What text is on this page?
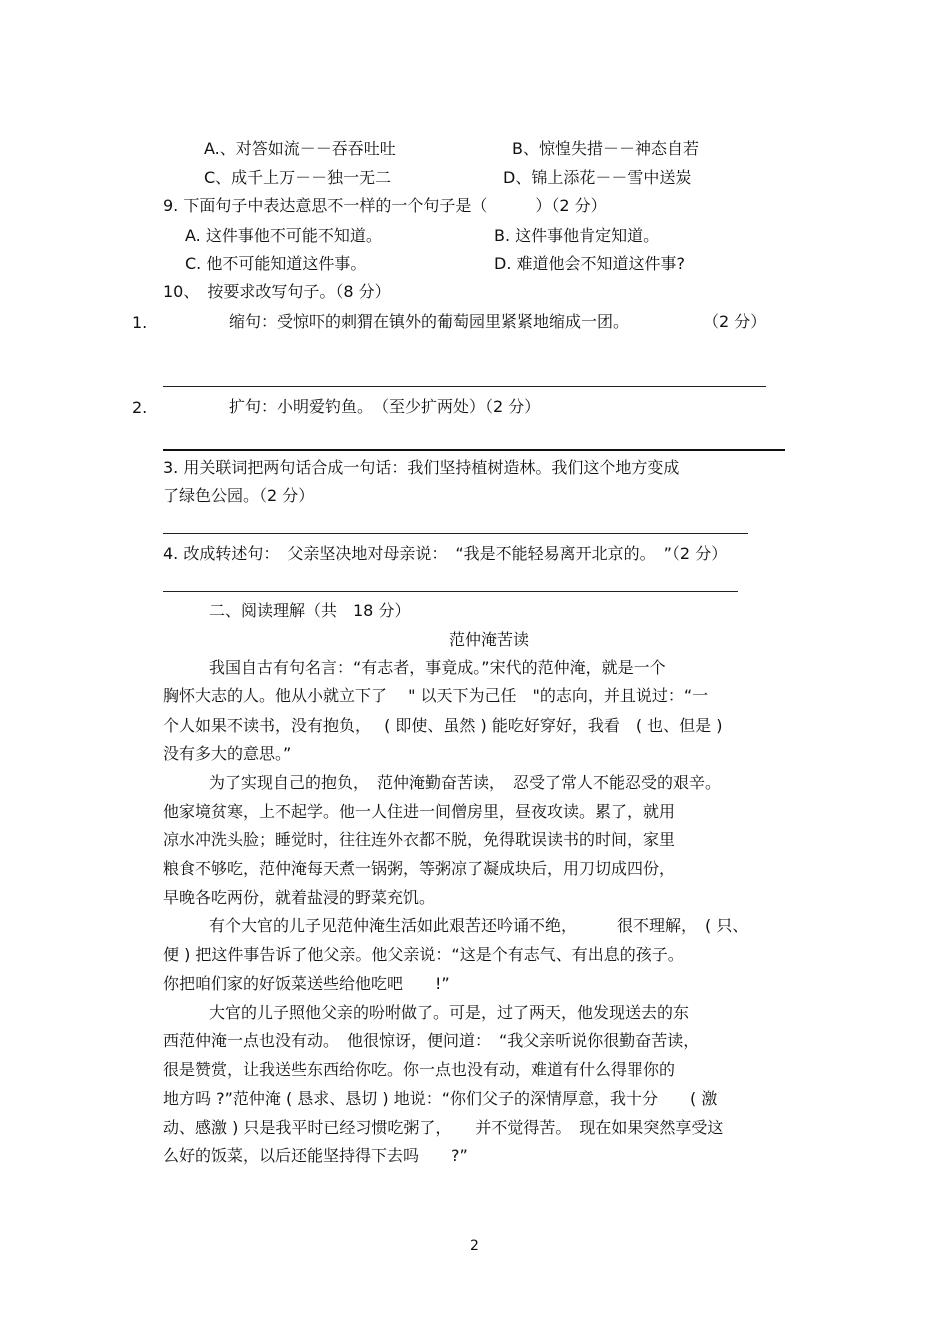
A.、对答如流－－吞吞吐吐	B、惊惶失措－－神态自若
C、成千上万－－独一无二	D、锦上添花－－雪中送炭
9. 下面句子中表达意思不一样的一个句子是（　　　）（2 分）
A. 这件事他不可能不知道。	B. 这件事他肯定知道。
C. 他不可能知道这件事。	D. 难道他会不知道这件事?
10、　按要求改写句子。（8 分）
1.	缩句：受惊吓的刺猬在镇外的葡萄园里紧紧地缩成一团。	（2 分）
2.	扩句：小明爱钓鱼。　（至少扩两处）（2 分）
3. 用关联词把两句话合成一句话：我们坚持植树造林。我们这个地方变成
了绿色公园。（2 分）
4. 改成转述句：　父亲坚决地对母亲说：　“我是不能轻易离开北京的。　”（2 分）
二、阅读理解（共　18 分）
范仲淹苦读
我国自古有句名言：“有志者，事竟成。”宋代的范仲淹，就是一个
胸怀大志的人。他从小就立下了　 " 以天下为己任　"的志向，并且说过：“一
个人如果不读书，没有抱负，　 ( 即使、虽然 ) 能吃好穿好，我看　( 也、但是 )
没有多大的意思。”
为了实现自己的抱负，　范仲淹勤奋苦读，　忍受了常人不能忍受的艰辛。
他家境贫寒，上不起学。他一人住进一间僧房里，昼夜攻读。累了，就用
凉水冲洗头脸；睡觉时，往往连外衣都不脱，免得耽误读书的时间，家里
粮食不够吃，范仲淹每天煮一锅粥，等粥凉了凝成块后，用刀切成四份，
早晚各吃两份，就着盐浸的野菜充饥。
有个大官的儿子见范仲淹生活如此艰苦还吟诵不绝，　　　很不理解，　( 只、
便 ) 把这件事告诉了他父亲。他父亲说：“这是个有志气、有出息的孩子。
你把咱们家的好饭菜送些给他吃吧　　!”
大官的儿子照他父亲的吩咐做了。可是，过了两天，他发现送去的东
西范仲淹一点也没有动。　他很惊讶，便问道：　“我父亲听说你很勤奋苦读，
很是赞赏，让我送些东西给你吃。你一点也没有动，难道有什么得罪你的
地方吗 ?”范仲淹 ( 恳求、恳切 ) 地说：“你们父子的深情厚意，我十分　　( 激
动、感激 ) 只是我平时已经习惯吃粥了，　　并不觉得苦。　现在如果突然享受这
么好的饭菜，以后还能坚持得下去吗　　?”
2
